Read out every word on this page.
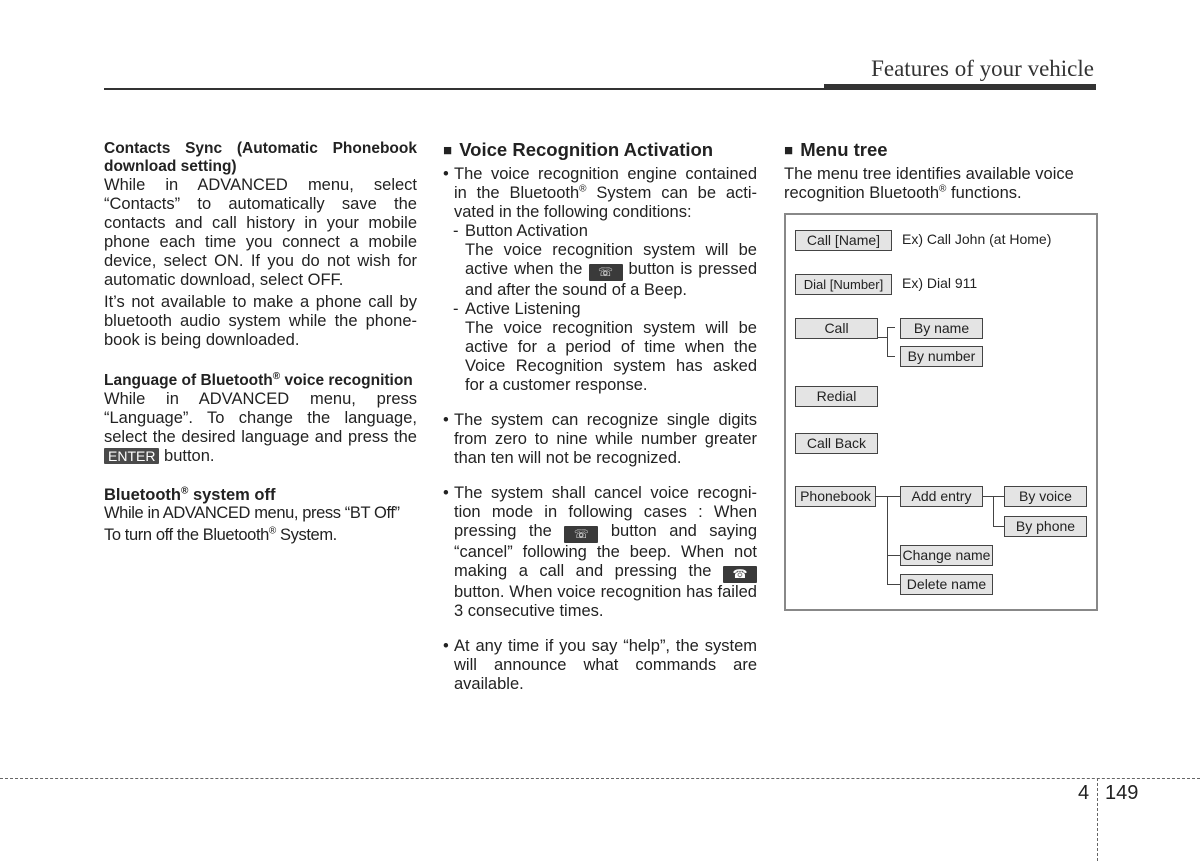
Features of your vehicle

Contacts Sync (Automatic Phonebook download setting)

While in ADVANCED menu, select “Contacts” to automatically save the contacts and call history in your mobile phone each time you connect a mobile device, select ON. If you do not wish for automatic download, select OFF.

It’s not available to make a phone call by bluetooth audio system while the phone-book is being downloaded.

Language of Bluetooth® voice recognition

While in ADVANCED menu, press “Language”. To change the language, select the desired language and press the ENTER button.

Bluetooth® system off

While in ADVANCED menu, press “BT Off”

To turn off the Bluetooth® System.

■ Voice Recognition Activation

• The voice recognition engine contained in the Bluetooth® System can be acti-vated in the following conditions:

- Button Activation

The voice recognition system will be active when the ☏ button is pressed and after the sound of a Beep.

- Active Listening

The voice recognition system will be active for a period of time when the Voice Recognition system has asked for a customer response.

• The system can recognize single digits from zero to nine while number greater than ten will not be recognized.

• The system shall cancel voice recogni-tion mode in following cases : When pressing the ☏ button and saying “cancel” following the beep. When not making a call and pressing the ☎ button. When voice recognition has failed 3 consecutive times.

• At any time if you say “help”, the system will announce what commands are available.

■ Menu tree

The menu tree identifies available voice recognition Bluetooth® functions.

Call [Name]	Ex) Call John (at Home)
Dial [Number]	Ex) Dial 911
Call	By name
By number
Redial
Call Back
Phonebook	Add entry	By voice
By phone
Change name
Delete name
4 149
